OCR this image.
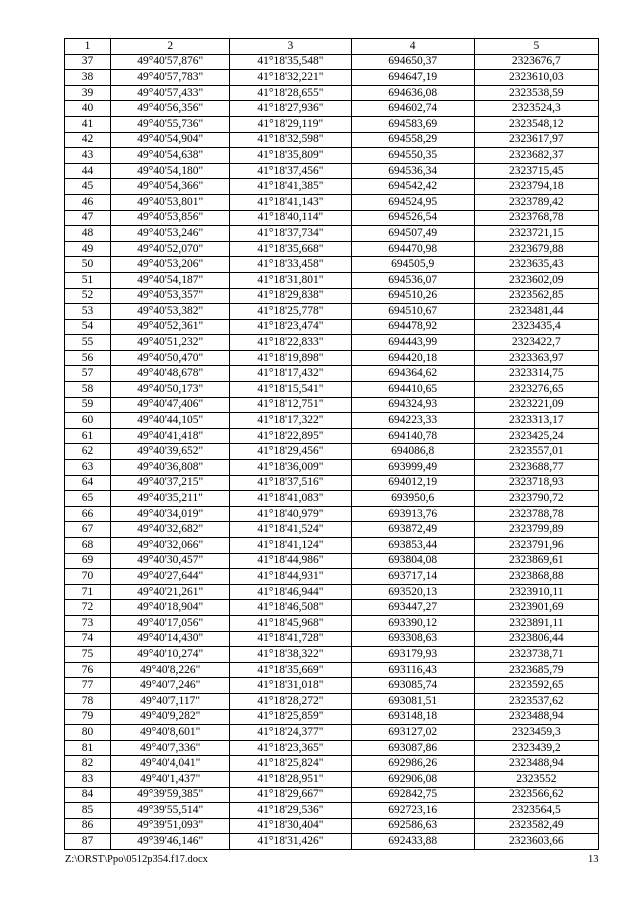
1	2	3	4	5
37	49°40'57,876"	41°18'35,548"	694650,37	2323676,7
38	49°40'57,783"	41°18'32,221"	694647,19	2323610,03
39	49°40'57,433"	41°18'28,655"	694636,08	2323538,59
40	49°40'56,356"	41°18'27,936"	694602,74	2323524,3
41	49°40'55,736"	41°18'29,119"	694583,69	2323548,12
42	49°40'54,904"	41°18'32,598"	694558,29	2323617,97
43	49°40'54,638"	41°18'35,809"	694550,35	2323682,37
44	49°40'54,180"	41°18'37,456"	694536,34	2323715,45
45	49°40'54,366"	41°18'41,385"	694542,42	2323794,18
46	49°40'53,801"	41°18'41,143"	694524,95	2323789,42
47	49°40'53,856"	41°18'40,114"	694526,54	2323768,78
48	49°40'53,246"	41°18'37,734"	694507,49	2323721,15
49	49°40'52,070"	41°18'35,668"	694470,98	2323679,88
50	49°40'53,206"	41°18'33,458"	694505,9	2323635,43
51	49°40'54,187"	41°18'31,801"	694536,07	2323602,09
52	49°40'53,357"	41°18'29,838"	694510,26	2323562,85
53	49°40'53,382"	41°18'25,778"	694510,67	2323481,44
54	49°40'52,361"	41°18'23,474"	694478,92	2323435,4
55	49°40'51,232"	41°18'22,833"	694443,99	2323422,7
56	49°40'50,470"	41°18'19,898"	694420,18	2323363,97
57	49°40'48,678"	41°18'17,432"	694364,62	2323314,75
58	49°40'50,173"	41°18'15,541"	694410,65	2323276,65
59	49°40'47,406"	41°18'12,751"	694324,93	2323221,09
60	49°40'44,105"	41°18'17,322"	694223,33	2323313,17
61	49°40'41,418"	41°18'22,895"	694140,78	2323425,24
62	49°40'39,652"	41°18'29,456"	694086,8	2323557,01
63	49°40'36,808"	41°18'36,009"	693999,49	2323688,77
64	49°40'37,215"	41°18'37,516"	694012,19	2323718,93
65	49°40'35,211"	41°18'41,083"	693950,6	2323790,72
66	49°40'34,019"	41°18'40,979"	693913,76	2323788,78
67	49°40'32,682"	41°18'41,524"	693872,49	2323799,89
68	49°40'32,066"	41°18'41,124"	693853,44	2323791,96
69	49°40'30,457"	41°18'44,986"	693804,08	2323869,61
70	49°40'27,644"	41°18'44,931"	693717,14	2323868,88
71	49°40'21,261"	41°18'46,944"	693520,13	2323910,11
72	49°40'18,904"	41°18'46,508"	693447,27	2323901,69
73	49°40'17,056"	41°18'45,968"	693390,12	2323891,11
74	49°40'14,430"	41°18'41,728"	693308,63	2323806,44
75	49°40'10,274"	41°18'38,322"	693179,93	2323738,71
76	49°40'8,226"	41°18'35,669"	693116,43	2323685,79
77	49°40'7,246"	41°18'31,018"	693085,74	2323592,65
78	49°40'7,117"	41°18'28,272"	693081,51	2323537,62
79	49°40'9,282"	41°18'25,859"	693148,18	2323488,94
80	49°40'8,601"	41°18'24,377"	693127,02	2323459,3
81	49°40'7,336"	41°18'23,365"	693087,86	2323439,2
82	49°40'4,041"	41°18'25,824"	692986,26	2323488,94
83	49°40'1,437"	41°18'28,951"	692906,08	2323552
84	49°39'59,385"	41°18'29,667"	692842,75	2323566,62
85	49°39'55,514"	41°18'29,536"	692723,16	2323564,5
86	49°39'51,093"	41°18'30,404"	692586,63	2323582,49
87	49°39'46,146"	41°18'31,426"	692433,88	2323603,66
Z:\ORST\Ppo\0512p354.f17.docx	13
